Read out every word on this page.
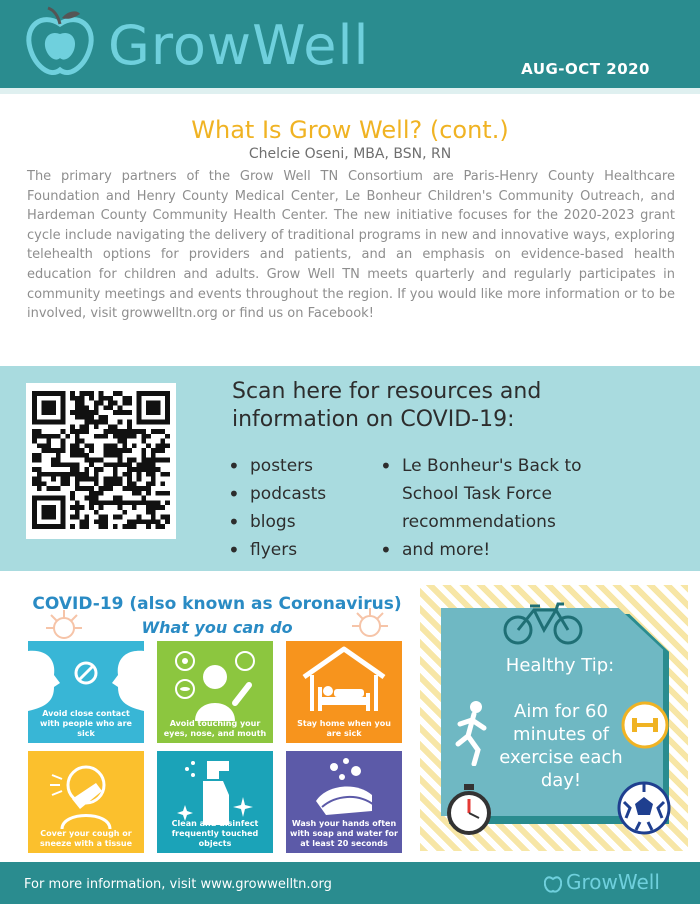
GrowWell	AUG-OCT 2020
What Is Grow Well? (cont.)
Chelcie Oseni, MBA, BSN, RN

The primary partners of the Grow Well TN Consortium are Paris-Henry County Healthcare Foundation and Henry County Medical Center, Le Bonheur Children's Community Outreach, and Hardeman County Community Health Center. The new initiative focuses for the 2020-2023 grant cycle include navigating the delivery of traditional programs in new and innovative ways, exploring telehealth options for providers and patients, and an emphasis on evidence-based health education for children and adults. Grow Well TN meets quarterly and regularly participates in community meetings and events throughout the region. If you would like more information or to be involved, visit growwelltn.org or find us on Facebook!

Scan here for resources and information on COVID-19:
• posters
• podcasts
• blogs
• flyers
• Le Bonheur's Back to School Task Force recommendations
• and more!
COVID-19 (also known as Coronavirus)
What you can do
Avoid close contact with people who are sick
Avoid touching your eyes, nose, and mouth
Stay home when you are sick
Cover your cough or sneeze with a tissue
Clean and disinfect frequently touched objects
Wash your hands often with soap and water for at least 20 seconds
Healthy Tip:
Aim for 60 minutes of exercise each day!
For more information, visit www.growwelltn.org	GrowWell
